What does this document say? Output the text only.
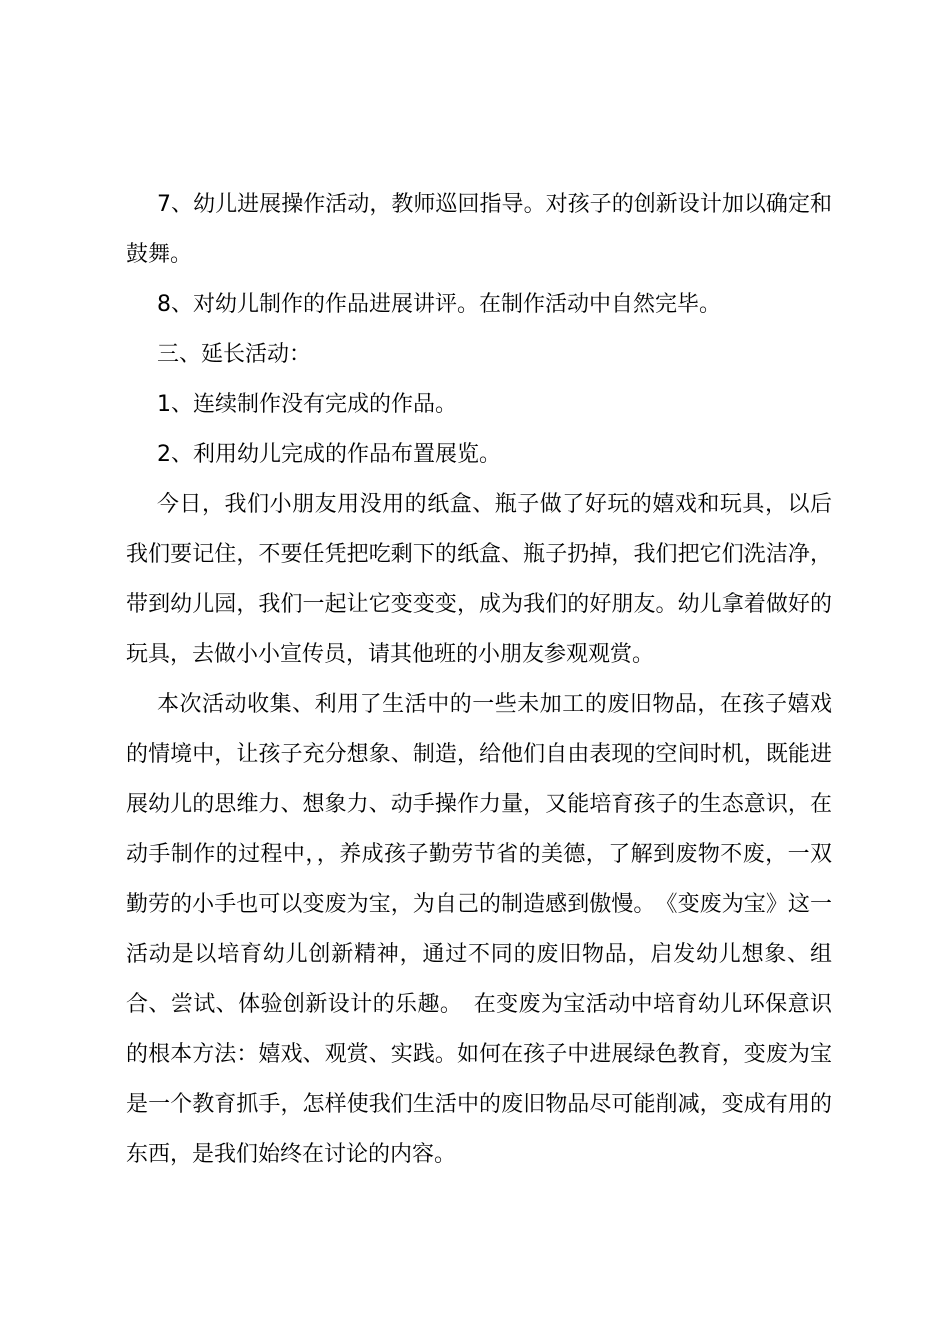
7、幼儿进展操作活动，教师巡回指导。对孩子的创新设计加以确定和鼓舞。

8、对幼儿制作的作品进展讲评。在制作活动中自然完毕。

三、延长活动：

1、连续制作没有完成的作品。

2、利用幼儿完成的作品布置展览。

今日，我们小朋友用没用的纸盒、瓶子做了好玩的嬉戏和玩具，以后我们要记住，不要任凭把吃剩下的纸盒、瓶子扔掉，我们把它们洗洁净，带到幼儿园，我们一起让它变变变，成为我们的好朋友。幼儿拿着做好的玩具，去做小小宣传员，请其他班的小朋友参观观赏。

本次活动收集、利用了生活中的一些未加工的废旧物品，在孩子嬉戏的情境中，让孩子充分想象、制造，给他们自由表现的空间时机，既能进展幼儿的思维力、想象力、动手操作力量，又能培育孩子的生态意识，在动手制作的过程中，，养成孩子勤劳节省的美德，了解到废物不废，一双勤劳的小手也可以变废为宝，为自己的制造感到傲慢。　《变废为宝》这一活动是以培育幼儿创新精神，通过不同的废旧物品，启发幼儿想象、组合、尝试、体验创新设计的乐趣。　在变废为宝活动中培育幼儿环保意识的根本方法：嬉戏、观赏、实践。如何在孩子中进展绿色教育，变废为宝是一个教育抓手，怎样使我们生活中的废旧物品尽可能削减，变成有用的东西，是我们始终在讨论的内容。
